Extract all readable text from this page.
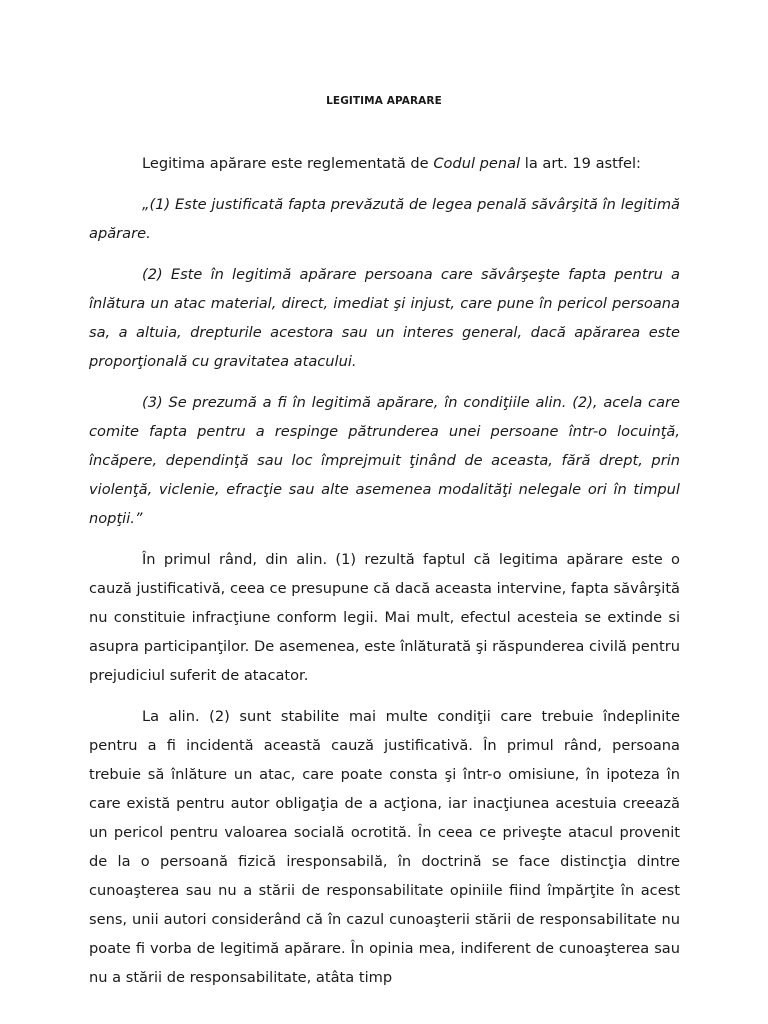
LEGITIMA APARARE

Legitima apărare este reglementată de Codul penal la art. 19 astfel:

„(1) Este justificată fapta prevăzută de legea penală săvârşită în legitimă apărare.

(2) Este în legitimă apărare persoana care săvârşeşte fapta pentru a înlătura un atac material, direct, imediat şi injust, care pune în pericol persoana sa, a altuia, drepturile acestora sau un interes general, dacă apărarea este proporţională cu gravitatea atacului.

(3) Se prezumă a fi în legitimă apărare, în condiţiile alin. (2), acela care comite fapta pentru a respinge pătrunderea unei persoane într-o locuinţă, încăpere, dependinţă sau loc împrejmuit ţinând de aceasta, fără drept, prin violenţă, viclenie, efracţie sau alte asemenea modalităţi nelegale ori în timpul nopţii.”

În primul rând, din alin. (1) rezultă faptul că legitima apărare este o cauză justificativă, ceea ce presupune că dacă aceasta intervine, fapta săvârşită nu constituie infracţiune conform legii. Mai mult, efectul acesteia se extinde si asupra participanţilor. De asemenea, este înlăturată şi răspunderea civilă pentru prejudiciul suferit de atacator.

La alin. (2) sunt stabilite mai multe condiţii care trebuie îndeplinite pentru a fi incidentă această cauză justificativă. În primul rând, persoana trebuie să înlăture un atac, care poate consta şi într-o omisiune, în ipoteza în care există pentru autor obligaţia de a acţiona, iar inacţiunea acestuia creează un pericol pentru valoarea socială ocrotită. În ceea ce priveşte atacul provenit de la o persoană fizică iresponsabilă, în doctrină se face distincţia dintre cunoaşterea sau nu a stării de responsabilitate opiniile fiind împărţite în acest sens, unii autori considerând că în cazul cunoaşterii stării de responsabilitate nu poate fi vorba de legitimă apărare. În opinia mea, indiferent de cunoaşterea sau nu a stării de responsabilitate, atâta timp
